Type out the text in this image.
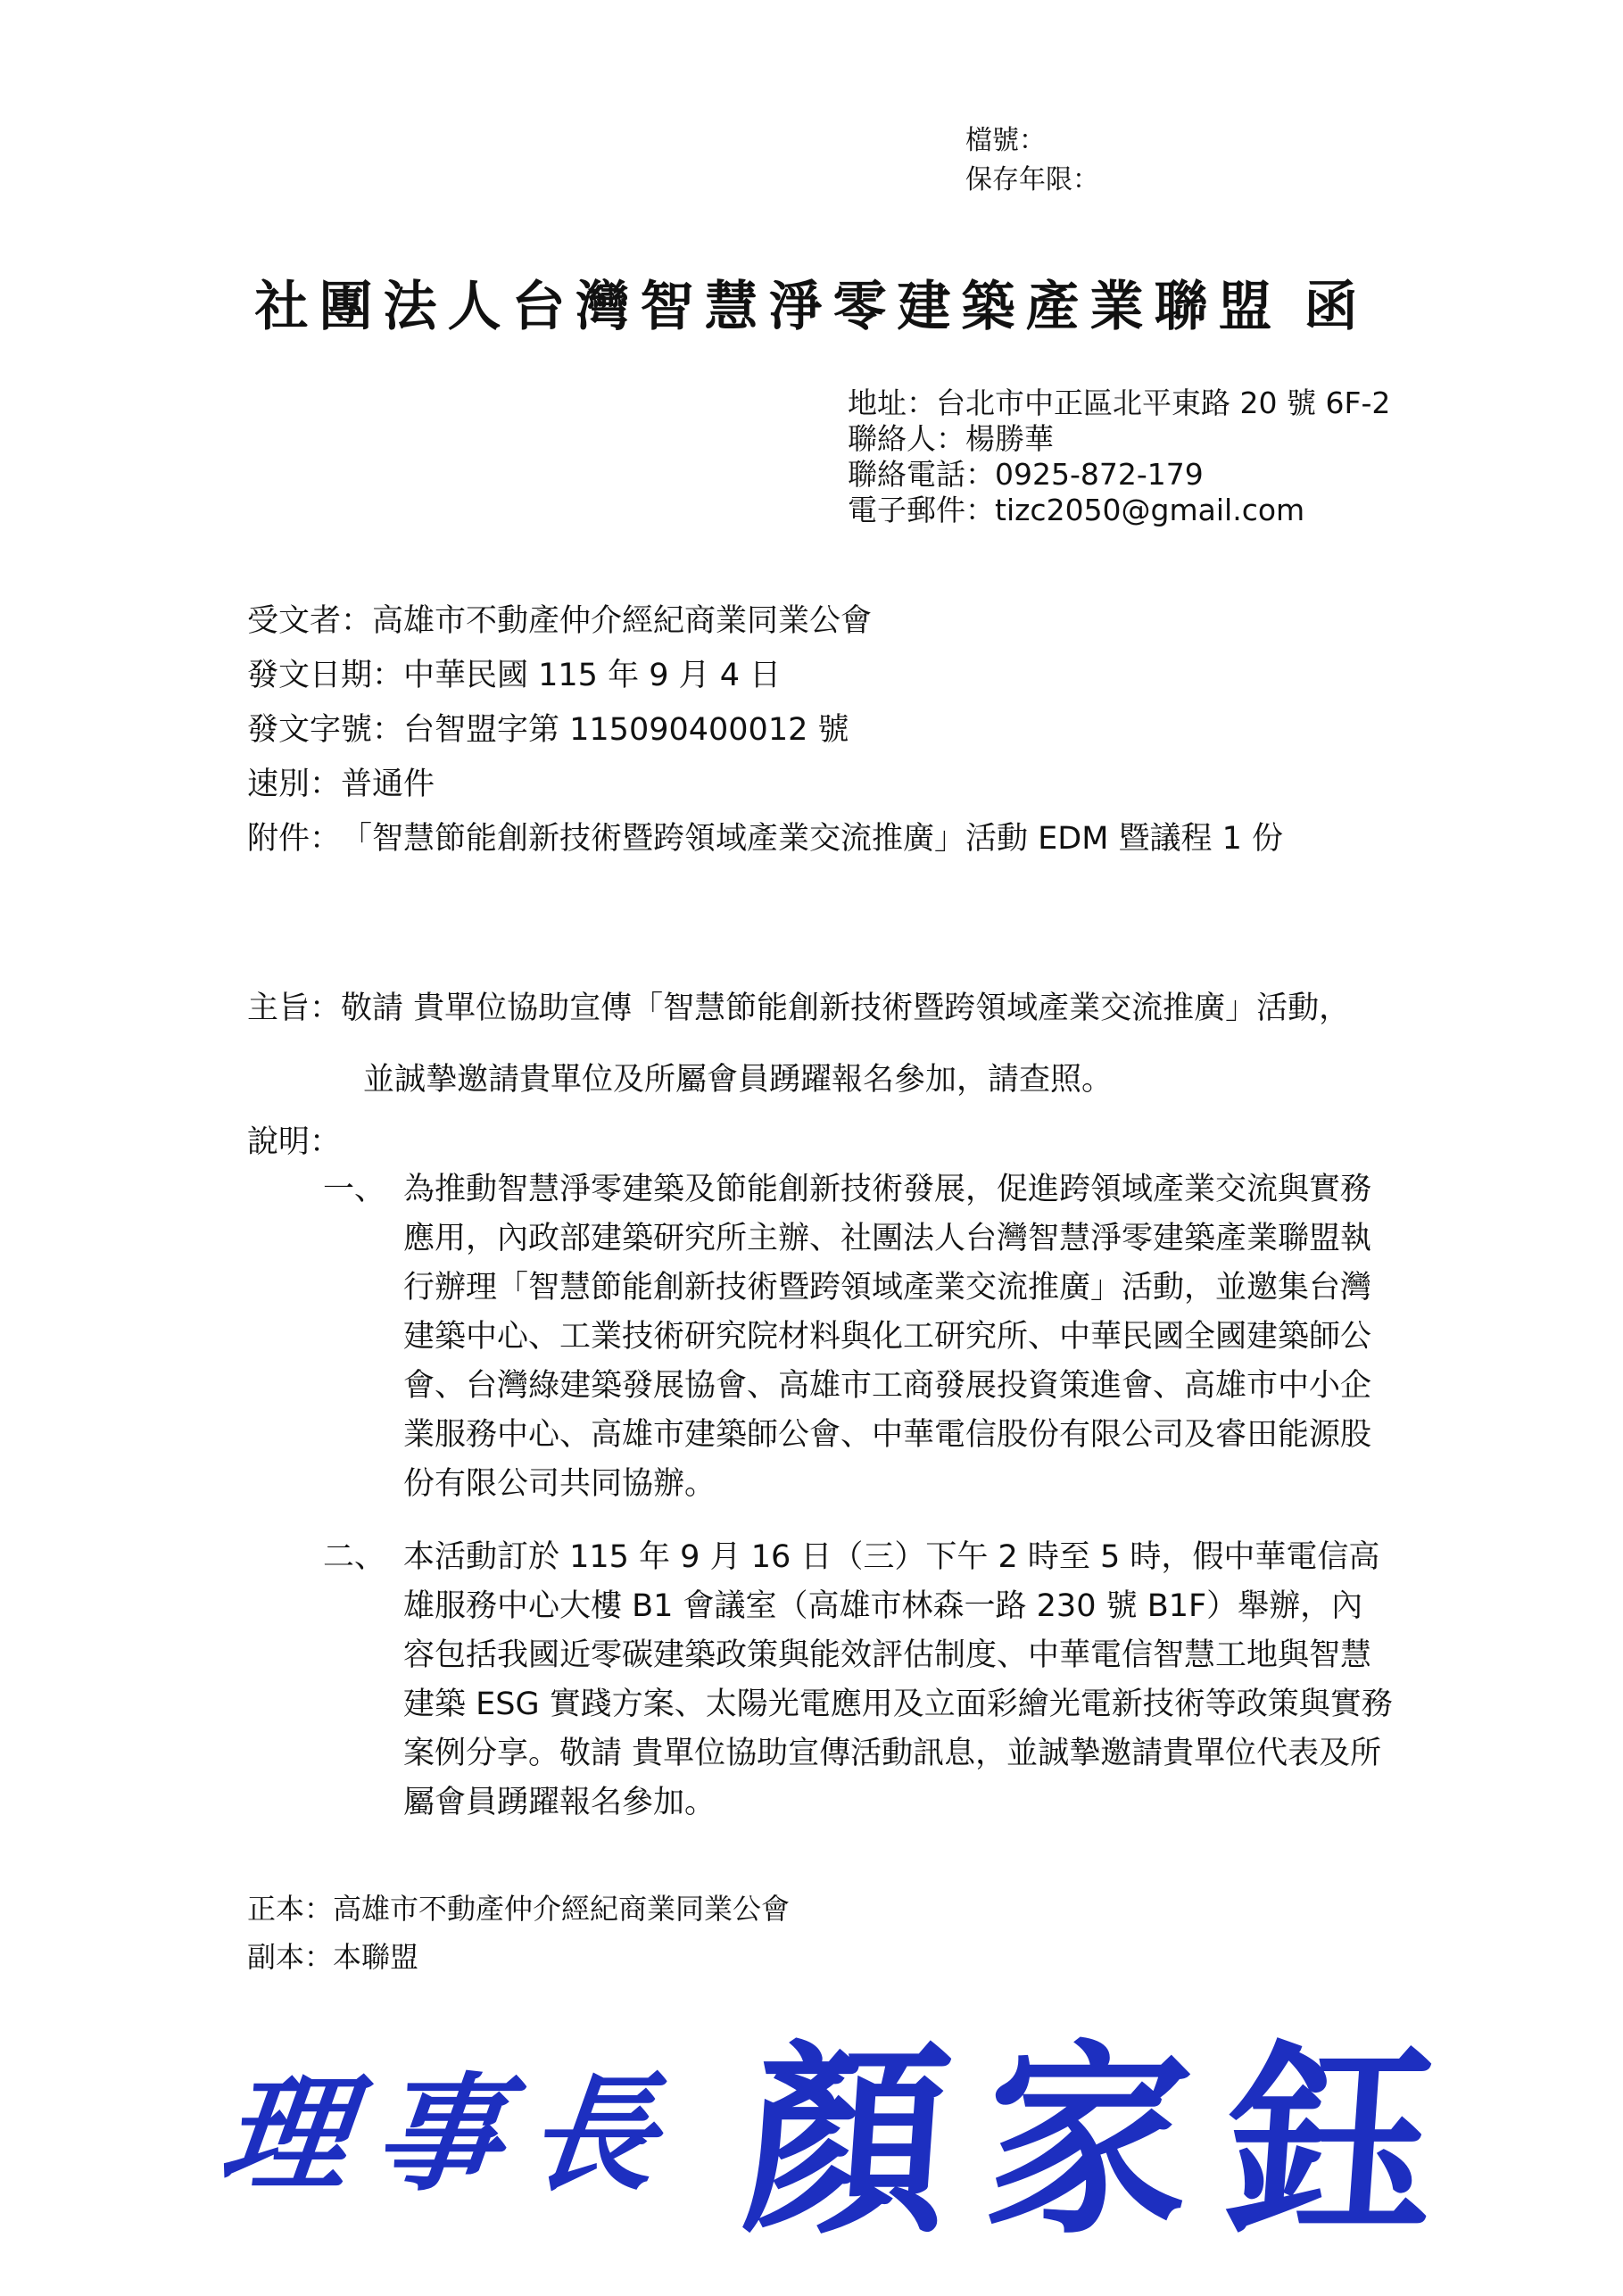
檔號：
保存年限：
社團法人台灣智慧淨零建築產業聯盟 函
地址： 台北市中正區北平東路 20 號 6F-2
聯絡人： 楊勝華
聯絡電話： 0925-872-179
電子郵件： tizc2050@gmail.com
受文者： 高雄市不動產仲介經紀商業同業公會
發文日期： 中華民國 115 年 9 月 4 日
發文字號： 台智盟字第 115090400012 號
速別： 普通件
附件： 「智慧節能創新技術暨跨領域產業交流推廣」活動 EDM 暨議程 1 份
主旨：敬請 貴單位協助宣傳「智慧節能創新技術暨跨領域產業交流推廣」活動，
並誠摯邀請貴單位及所屬會員踴躍報名參加，請查照。
說明：
一、 為推動智慧淨零建築及節能創新技術發展，促進跨領域產業交流與實務應用，內政部建築研究所主辦、社團法人台灣智慧淨零建築產業聯盟執行辦理「智慧節能創新技術暨跨領域產業交流推廣」活動，並邀集台灣建築中心、工業技術研究院材料與化工研究所、中華民國全國建築師公會、台灣綠建築發展協會、高雄市工商發展投資策進會、高雄市中小企業服務中心、高雄市建築師公會、中華電信股份有限公司及睿田能源股份有限公司共同協辦。
二、 本活動訂於 115 年 9 月 16 日（三）下午 2 時至 5 時，假中華電信高雄服務中心大樓 B1 會議室（高雄市林森一路 230 號 B1F）舉辦，內容包括我國近零碳建築政策與能效評估制度、中華電信智慧工地與智慧建築 ESG 實踐方案、太陽光電應用及立面彩繪光電新技術等政策與實務案例分享。敬請 貴單位協助宣傳活動訊息，並誠摯邀請貴單位代表及所屬會員踴躍報名參加。
正本：高雄市不動產仲介經紀商業同業公會
副本：本聯盟
理事長 顏家鈺
